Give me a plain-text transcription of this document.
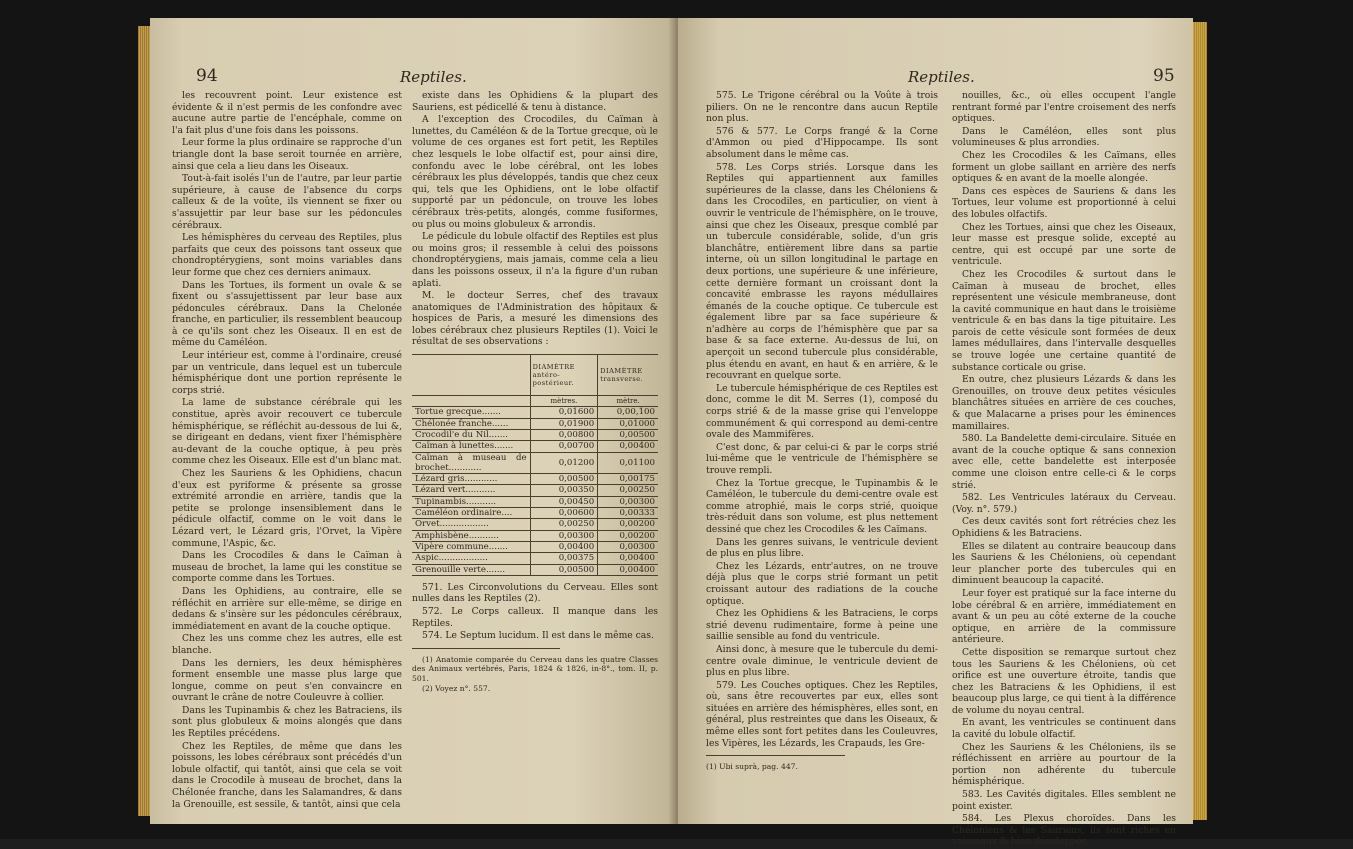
94	Reptiles.

les recouvrent point. Leur existence est évidente & il n'est permis de les confondre avec aucune autre partie de l'encéphale, comme on l'a fait plus d'une fois dans les poissons.

Leur forme la plus ordinaire se rapproche d'un triangle dont la base seroit tournée en arrière, ainsi que cela a lieu dans les Oiseaux.

Tout-à-fait isolés l'un de l'autre, par leur partie supérieure, à cause de l'absence du corps calleux & de la voûte, ils viennent se fixer ou s'assujettir par leur base sur les pédoncules cérébraux.

Les hémisphères du cerveau des Reptiles, plus parfaits que ceux des poissons tant osseux que chondroptérygiens, sont moins variables dans leur forme que chez ces derniers animaux.

Dans les Tortues, ils forment un ovale & se fixent ou s'assujettissent par leur base aux pédoncules cérébraux. Dans la Chelonée franche, en particulier, ils ressemblent beaucoup à ce qu'ils sont chez les Oiseaux. Il en est de même du Caméléon.

Leur intérieur est, comme à l'ordinaire, creusé par un ventricule, dans lequel est un tubercule hémisphérique dont une portion représente le corps strié.

La lame de substance cérébrale qui les constitue, après avoir recouvert ce tubercule hémisphérique, se réfléchit au-dessous de lui &, se dirigeant en dedans, vient fixer l'hémisphère au-devant de la couche optique, à peu près comme chez les Oiseaux. Elle est d'un blanc mat.

Chez les Sauriens & les Ophidiens, chacun d'eux est pyriforme & présente sa grosse extrémité arrondie en arrière, tandis que la petite se prolonge insensiblement dans le pédicule olfactif, comme on le voit dans le Lézard vert, le Lézard gris, l'Orvet, la Vipère commune, l'Aspic, &c.

Dans les Crocodiles & dans le Caïman à museau de brochet, la lame qui les constitue se comporte comme dans les Tortues.

Dans les Ophidiens, au contraire, elle se réfléchit en arrière sur elle-même, se dirige en dedans & s'insère sur les pédoncules cérébraux, immédiatement en avant de la couche optique.

Chez les uns comme chez les autres, elle est blanche.

Dans les derniers, les deux hémisphères forment ensemble une masse plus large que longue, comme on peut s'en convaincre en ouvrant le crâne de notre Couleuvre à collier.

Dans les Tupinambis & chez les Batraciens, ils sont plus globuleux & moins alongés que dans les Reptiles précédens.

Chez les Reptiles, de même que dans les poissons, les lobes cérébraux sont précédés d'un lobule olfactif, qui tantôt, ainsi que cela se voit dans le Crocodile à museau de brochet, dans la Chélonée franche, dans les Salamandres, & dans la Grenouille, est sessile, & tantôt, ainsi que cela

existe dans les Ophidiens & la plupart des Sauriens, est pédicellé & tenu à distance.

A l'exception des Crocodiles, du Caïman à lunettes, du Caméléon & de la Tortue grecque, où le volume de ces organes est fort petit, les Reptiles chez lesquels le lobe olfactif est, pour ainsi dire, confondu avec le lobe cérébral, ont les lobes cérébraux les plus développés, tandis que chez ceux qui, tels que les Ophidiens, ont le lobe olfactif supporté par un pédoncule, on trouve les lobes cérébraux très-petits, alongés, comme fusiformes, ou plus ou moins globuleux & arrondis.

Le pédicule du lobule olfactif des Reptiles est plus ou moins gros; il ressemble à celui des poissons chondroptérygiens, mais jamais, comme cela a lieu dans les poissons osseux, il n'a la figure d'un ruban aplati.

M. le docteur Serres, chef des travaux anatomiques de l'Administration des hôpitaux & hospices de Paris, a mesuré les dimensions des lobes cérébraux chez plusieurs Reptiles (1). Voici le résultat de ses observations :

	DIAMÈTRE antéro-postérieur.	DIAMÈTRE transverse.
	mètres.	mètre.
Tortue grecque.......	0,01600	0,00,100
Chélonée franche......	0,01900	0,01000
Crocodil'e du Nil.......	0,00800	0,00500
Caïman à lunettes.......	0,00700	0,00400
Caïman à museau de brochet............	0,01200	0,01100
Lézard gris............	0,00500	0,00175
Lézard vert...........	0,00350	0,00250
Tupinambis...........	0,00450	0,00300
Caméléon ordinaire....	0,00600	0,00333
Orvet..................	0,00250	0,00200
Amphisbène...........	0,00300	0,00200
Vipère commune.......	0,00400	0,00300
Aspic..................	0,00375	0,00400
Grenouille verte.......	0,00500	0,00400

571. Les Circonvolutions du Cerveau. Elles sont nulles dans les Reptiles (2).

572. Le Corps calleux. Il manque dans les Reptiles.

574. Le Septum lucidum. Il est dans le même cas.

(1) Anatomie comparée du Cerveau dans les quatre Classes des Animaux vertébrés, Paris, 1824 & 1826, in-8°., tom. II, p. 501.

(2) Voyez n°. 557.

Reptiles.	95

575. Le Trigone cérébral ou la Voûte à trois piliers. On ne le rencontre dans aucun Reptile non plus.

576 & 577. Le Corps frangé & la Corne d'Ammon ou pied d'Hippocampe. Ils sont absolument dans le même cas.

578. Les Corps striés. Lorsque dans les Reptiles qui appartiennent aux familles supérieures de la classe, dans les Chéloniens & dans les Crocodiles, en particulier, on vient à ouvrir le ventricule de l'hémisphère, on le trouve, ainsi que chez les Oiseaux, presque comblé par un tubercule considérable, solide, d'un gris blanchâtre, entièrement libre dans sa partie interne, où un sillon longitudinal le partage en deux portions, une supérieure & une inférieure, cette dernière formant un croissant dont la concavité embrasse les rayons médullaires émanés de la couche optique. Ce tubercule est également libre par sa face supérieure & n'adhère au corps de l'hémisphère que par sa base & sa face externe. Au-dessus de lui, on aperçoit un second tubercule plus considérable, plus étendu en avant, en haut & en arrière, & le recouvrant en quelque sorte.

Le tubercule hémisphérique de ces Reptiles est donc, comme le dit M. Serres (1), composé du corps strié & de la masse grise qui l'enveloppe communément & qui correspond au demi-centre ovale des Mammifères.

C'est donc, & par celui-ci & par le corps strié lui-même que le ventricule de l'hémisphère se trouve rempli.

Chez la Tortue grecque, le Tupinambis & le Caméléon, le tubercule du demi-centre ovale est comme atrophié, mais le corps strié, quoique très-réduit dans son volume, est plus nettement dessiné que chez les Crocodiles & les Caïmans.

Dans les genres suivans, le ventricule devient de plus en plus libre.

Chez les Lézards, entr'autres, on ne trouve déjà plus que le corps strié formant un petit croissant autour des radiations de la couche optique.

Chez les Ophidiens & les Batraciens, le corps strié devenu rudimentaire, forme à peine une saillie sensible au fond du ventricule.

Ainsi donc, à mesure que le tubercule du demi-centre ovale diminue, le ventricule devient de plus en plus libre.

579. Les Couches optiques. Chez les Reptiles, où, sans être recouvertes par eux, elles sont situées en arrière des hémisphères, elles sont, en général, plus restreintes que dans les Oiseaux, & même elles sont fort petites dans les Couleuvres, les Vipères, les Lézards, les Crapauds, les Gre-

(1) Ubi suprà, pag. 447.

nouilles, &c., où elles occupent l'angle rentrant formé par l'entre croisement des nerfs optiques.

Dans le Caméléon, elles sont plus volumineuses & plus arrondies.

Chez les Crocodiles & les Caïmans, elles forment un globe saillant en arrière des nerfs optiques & en avant de la moelle alongée.

Dans ces espèces de Sauriens & dans les Tortues, leur volume est proportionné à celui des lobules olfactifs.

Chez les Tortues, ainsi que chez les Oiseaux, leur masse est presque solide, excepté au centre, qui est occupé par une sorte de ventricule.

Chez les Crocodiles & surtout dans le Caïman à museau de brochet, elles représentent une vésicule membraneuse, dont la cavité communique en haut dans le troisième ventricule & en bas dans la tige pituitaire. Les parois de cette vésicule sont formées de deux lames médullaires, dans l'intervalle desquelles se trouve logée une certaine quantité de substance corticale ou grise.

En outre, chez plusieurs Lézards & dans les Grenouilles, on trouve deux petites vésicules blanchâtres situées en arrière de ces couches, & que Malacarne a prises pour les éminences mamillaires.

580. La Bandelette demi-circulaire. Située en avant de la couche optique & sans connexion avec elle, cette bandelette est interposée comme une cloison entre celle-ci & le corps strié.

582. Les Ventricules latéraux du Cerveau. (Voy. n°. 579.)

Ces deux cavités sont fort rétrécies chez les Ophidiens & les Batraciens.

Elles se dilatent au contraire beaucoup dans les Sauriens & les Chéloniens, où cependant leur plancher porte des tubercules qui en diminuent beaucoup la capacité.

Leur foyer est pratiqué sur la face interne du lobe cérébral & en arrière, immédiatement en avant & un peu au côté externe de la couche optique, en arrière de la commissure antérieure.

Cette disposition se remarque surtout chez tous les Sauriens & les Chéloniens, où cet orifice est une ouverture étroite, tandis que chez les Batraciens & les Ophidiens, il est beaucoup plus large, ce qui tient à la différence de volume du noyau central.

En avant, les ventricules se continuent dans la cavité du lobule olfactif.

Chez les Sauriens & les Chéloniens, ils se réfléchissent en arrière au pourtour de la portion non adhérente du tubercule hémisphérique.

583. Les Cavités digitales. Elles semblent ne point exister.

584. Les Plexus choroïdes. Dans les Chéloniens & les Sauriens, ils sont riches en vaisseaux & bien développés.
